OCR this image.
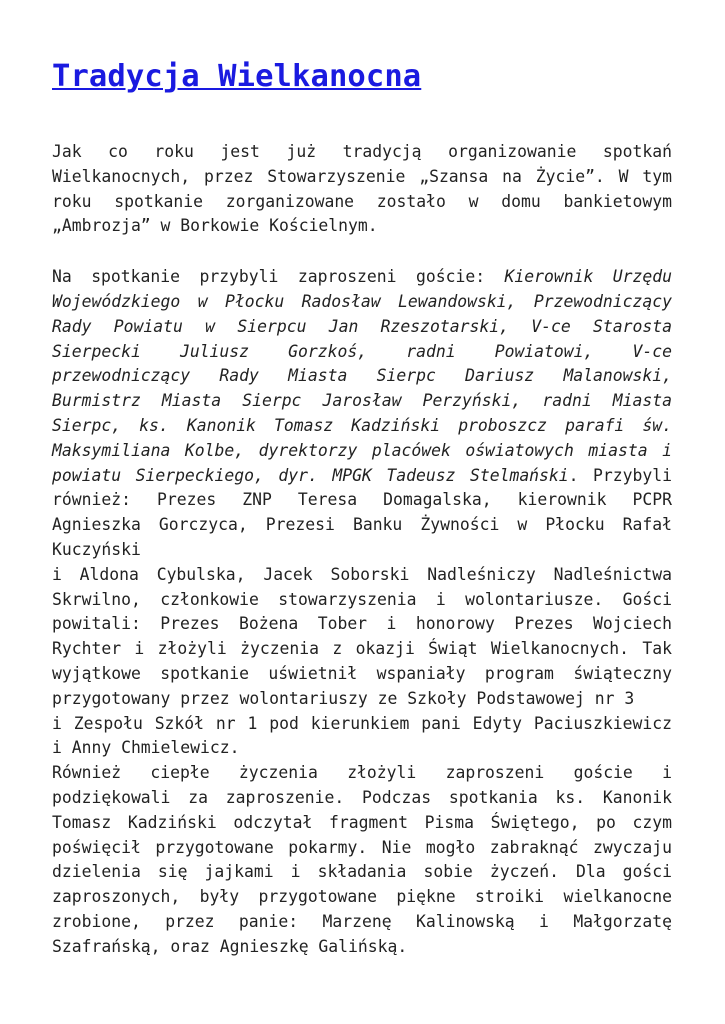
Tradycja Wielkanocna

Jak co roku jest już tradycją organizowanie spotkań Wielkanocnych, przez Stowarzyszenie „Szansa na Życie”. W tym roku spotkanie zorganizowane zostało w domu bankietowym „Ambrozja” w Borkowie Kościelnym.

Na spotkanie przybyli zaproszeni goście: Kierownik Urzędu Wojewódzkiego w Płocku Radosław Lewandowski, Przewodniczący Rady Powiatu w Sierpcu Jan Rzeszotarski, V-ce Starosta Sierpecki Juliusz Gorzkoś, radni Powiatowi, V-ce przewodniczący Rady Miasta Sierpc Dariusz Malanowski, Burmistrz Miasta Sierpc Jarosław Perzyński, radni Miasta Sierpc, ks. Kanonik Tomasz Kadziński proboszcz parafi św. Maksymiliana Kolbe, dyrektorzy placówek oświatowych miasta i powiatu Sierpeckiego, dyr. MPGK Tadeusz Stelmański. Przybyli również: Prezes ZNP Teresa Domagalska, kierownik PCPR Agnieszka Gorczyca, Prezesi Banku Żywności w Płocku Rafał Kuczyński
i Aldona Cybulska, Jacek Soborski Nadleśniczy Nadleśnictwa Skrwilno, członkowie stowarzyszenia i wolontariusze. Gości powitali: Prezes Bożena Tober i honorowy Prezes Wojciech Rychter i złożyli życzenia z okazji Świąt Wielkanocnych. Tak wyjątkowe spotkanie uświetnił wspaniały program świąteczny przygotowany przez wolontariuszy ze Szkoły Podstawowej nr 3
i Zespołu Szkół nr 1 pod kierunkiem pani Edyty Paciuszkiewicz i Anny Chmielewicz.
Również ciepłe życzenia złożyli zaproszeni goście i podziękowali za zaproszenie. Podczas spotkania ks. Kanonik Tomasz Kadziński odczytał fragment Pisma Świętego, po czym poświęcił przygotowane pokarmy. Nie mogło zabraknąć zwyczaju dzielenia się jajkami i składania sobie życzeń. Dla gości zaproszonych, były przygotowane piękne stroiki wielkanocne zrobione, przez panie: Marzenę Kalinowską i Małgorzatę Szafrańską, oraz Agnieszkę Galińską.
